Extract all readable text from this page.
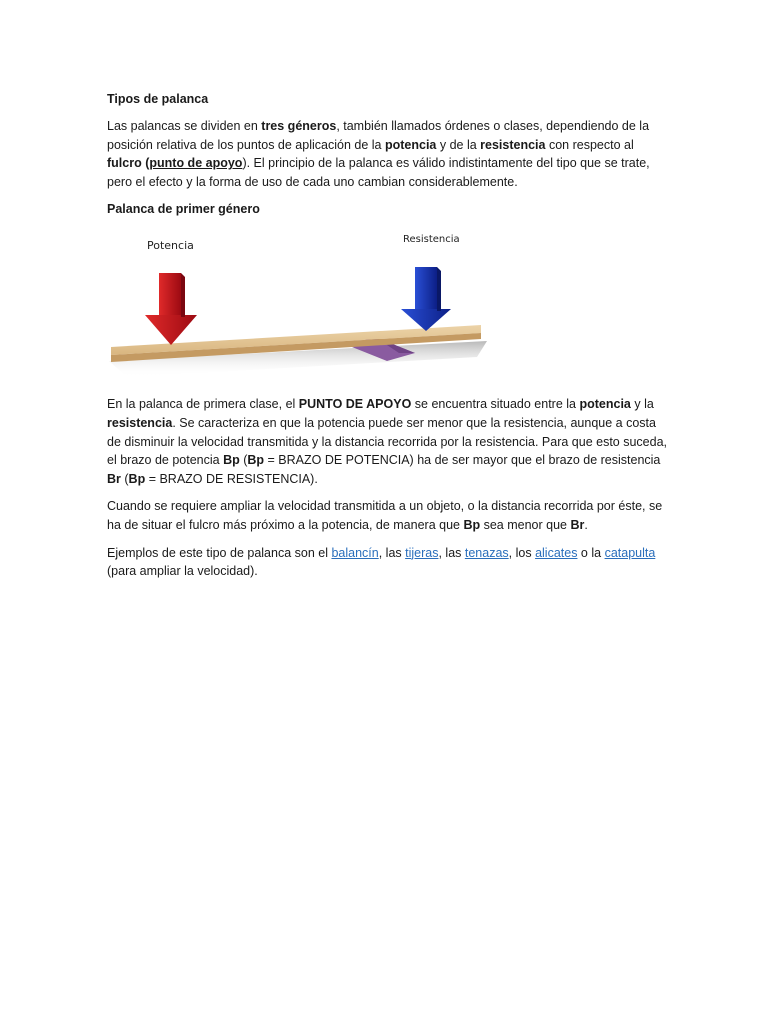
Tipos de palanca

Las palancas se dividen en tres géneros, también llamados órdenes o clases, dependiendo de la posición relativa de los puntos de aplicación de la potencia y de la resistencia con respecto al fulcro (punto de apoyo). El principio de la palanca es válido indistintamente del tipo que se trate, pero el efecto y la forma de uso de cada uno cambian considerablemente.

Palanca de primer género
Potencia	Resistencia

En la palanca de primera clase, el PUNTO DE APOYO se encuentra situado entre la potencia y la resistencia. Se caracteriza en que la potencia puede ser menor que la resistencia, aunque a costa de disminuir la velocidad transmitida y la distancia recorrida por la resistencia. Para que esto suceda, el brazo de potencia Bp (Bp = BRAZO DE POTENCIA) ha de ser mayor que el brazo de resistencia Br (Bp = BRAZO DE RESISTENCIA).

Cuando se requiere ampliar la velocidad transmitida a un objeto, o la distancia recorrida por éste, se ha de situar el fulcro más próximo a la potencia, de manera que Bp sea menor que Br.

Ejemplos de este tipo de palanca son el balancín, las tijeras, las tenazas, los alicates o la catapulta (para ampliar la velocidad).
